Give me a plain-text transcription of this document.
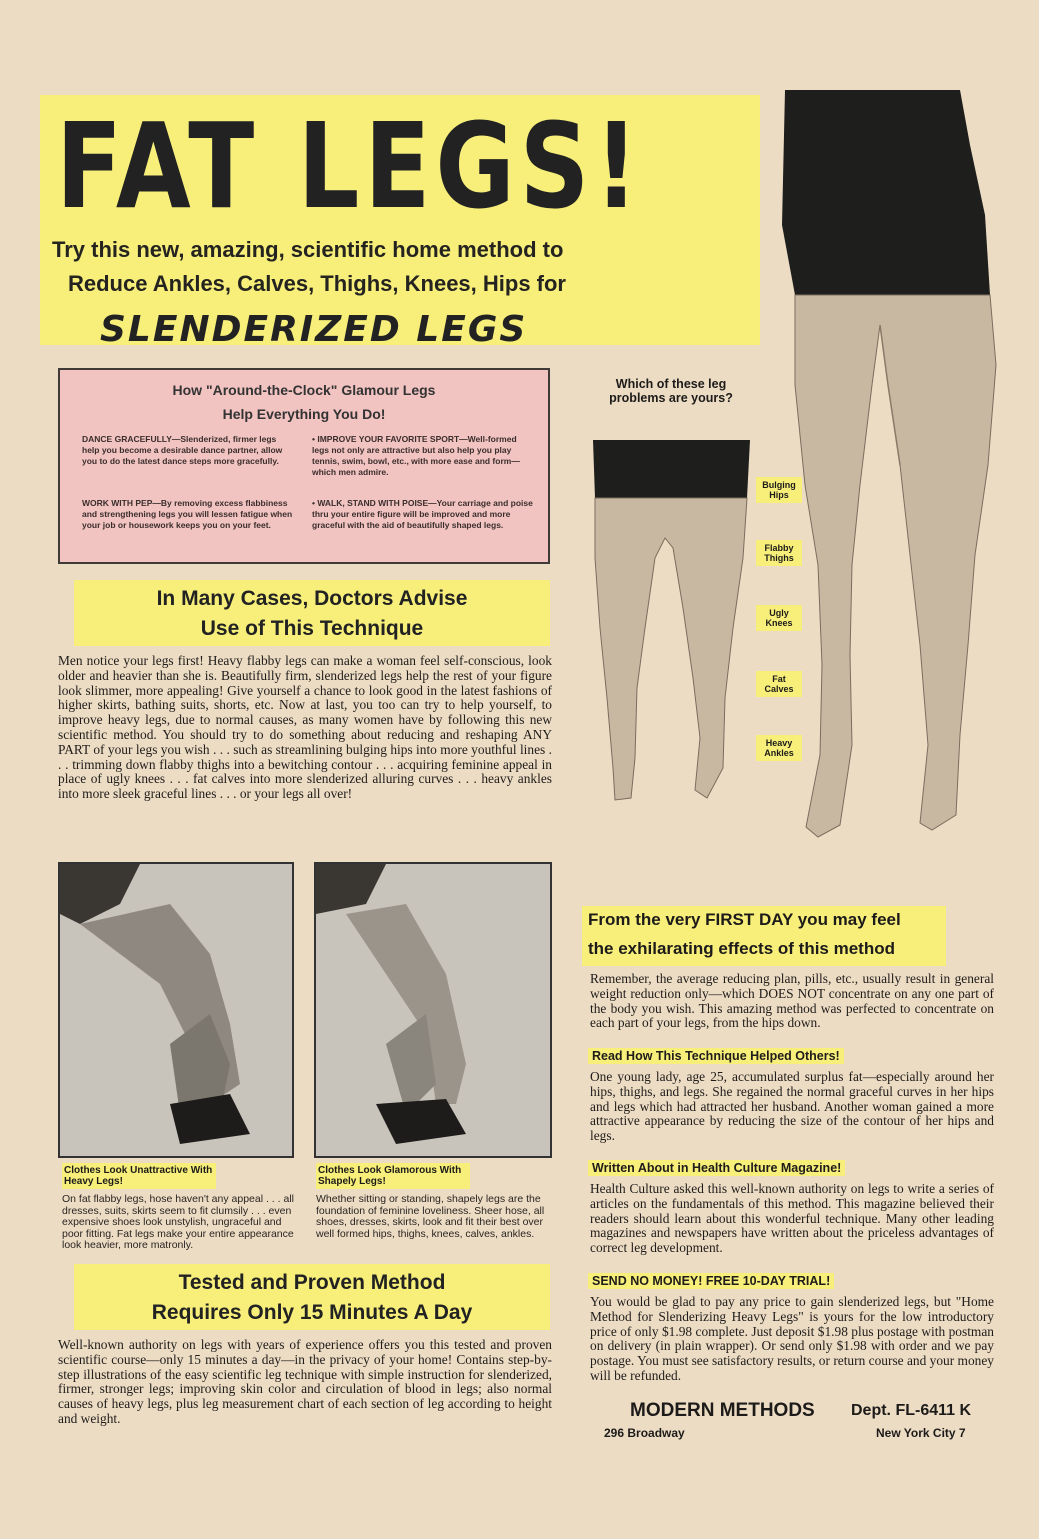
FAT LEGS!
Try this new, amazing, scientific home method to
Reduce Ankles, Calves, Thighs, Knees, Hips for
SLENDERIZED LEGS
Which of these leg problems are yours?
Bulging Hips
Flabby Thighs
Ugly Knees
Fat Calves
Heavy Ankles
How "Around-the-Clock" Glamour Legs
Help Everything You Do!
DANCE GRACEFULLY—Slenderized, firmer legs help you become a desirable dance partner, allow you to do the latest dance steps more gracefully.
• IMPROVE YOUR FAVORITE SPORT—Well-formed legs not only are attractive but also help you play tennis, swim, bowl, etc., with more ease and form—which men admire.
WORK WITH PEP—By removing excess flabbiness and strengthening legs you will lessen fatigue when your job or housework keeps you on your feet.
• WALK, STAND WITH POISE—Your carriage and poise thru your entire figure will be improved and more graceful with the aid of beautifully shaped legs.
In Many Cases, Doctors Advise
Use of This Technique
Men notice your legs first! Heavy flabby legs can make a woman feel self-conscious, look older and heavier than she is. Beautifully firm, slenderized legs help the rest of your figure look slimmer, more appealing! Give yourself a chance to look good in the latest fashions of higher skirts, bathing suits, shorts, etc. Now at last, you too can try to help yourself, to improve heavy legs, due to normal causes, as many women have by following this new scientific method. You should try to do something about reducing and reshaping ANY PART of your legs you wish . . . such as streamlining bulging hips into more youthful lines . . . trimming down flabby thighs into a bewitching contour . . . acquiring feminine appeal in place of ugly knees . . . fat calves into more slenderized alluring curves . . . heavy ankles into more sleek graceful lines . . . or your legs all over!
Clothes Look Unattractive With Heavy Legs!
On fat flabby legs, hose haven't any appeal . . . all dresses, suits, skirts seem to fit clumsily . . . even expensive shoes look unstylish, ungraceful and poor fitting. Fat legs make your entire appearance look heavier, more matronly.
Clothes Look Glamorous With Shapely Legs!
Whether sitting or standing, shapely legs are the foundation of feminine loveliness. Sheer hose, all shoes, dresses, skirts, look and fit their best over well formed hips, thighs, knees, calves, ankles.
Tested and Proven Method
Requires Only 15 Minutes A Day
Well-known authority on legs with years of experience offers you this tested and proven scientific course—only 15 minutes a day—in the privacy of your home! Contains step-by-step illustrations of the easy scientific leg technique with simple instruction for slenderized, firmer, stronger legs; improving skin color and circulation of blood in legs; also normal causes of heavy legs, plus leg measurement chart of each section of leg according to height and weight.
From the very FIRST DAY you may feel
the exhilarating effects of this method
Remember, the average reducing plan, pills, etc., usually result in general weight reduction only—which DOES NOT concentrate on any one part of the body you wish. This amazing method was perfected to concentrate on each part of your legs, from the hips down.
Read How This Technique Helped Others!
One young lady, age 25, accumulated surplus fat—especially around her hips, thighs, and legs. She regained the normal graceful curves in her hips and legs which had attracted her husband. Another woman gained a more attractive appearance by reducing the size of the contour of her hips and legs.
Written About in Health Culture Magazine!
Health Culture asked this well-known authority on legs to write a series of articles on the fundamentals of this method. This magazine believed their readers should learn about this wonderful technique. Many other leading magazines and newspapers have written about the priceless advantages of correct leg development.
SEND NO MONEY! FREE 10-DAY TRIAL!
You would be glad to pay any price to gain slenderized legs, but "Home Method for Slenderizing Heavy Legs" is yours for the low introductory price of only $1.98 complete. Just deposit $1.98 plus postage with postman on delivery (in plain wrapper). Or send only $1.98 with order and we pay postage. You must see satisfactory results, or return course and your money will be refunded.
MODERN METHODS Dept. FL-6411 K
296 Broadway	New York City 7
